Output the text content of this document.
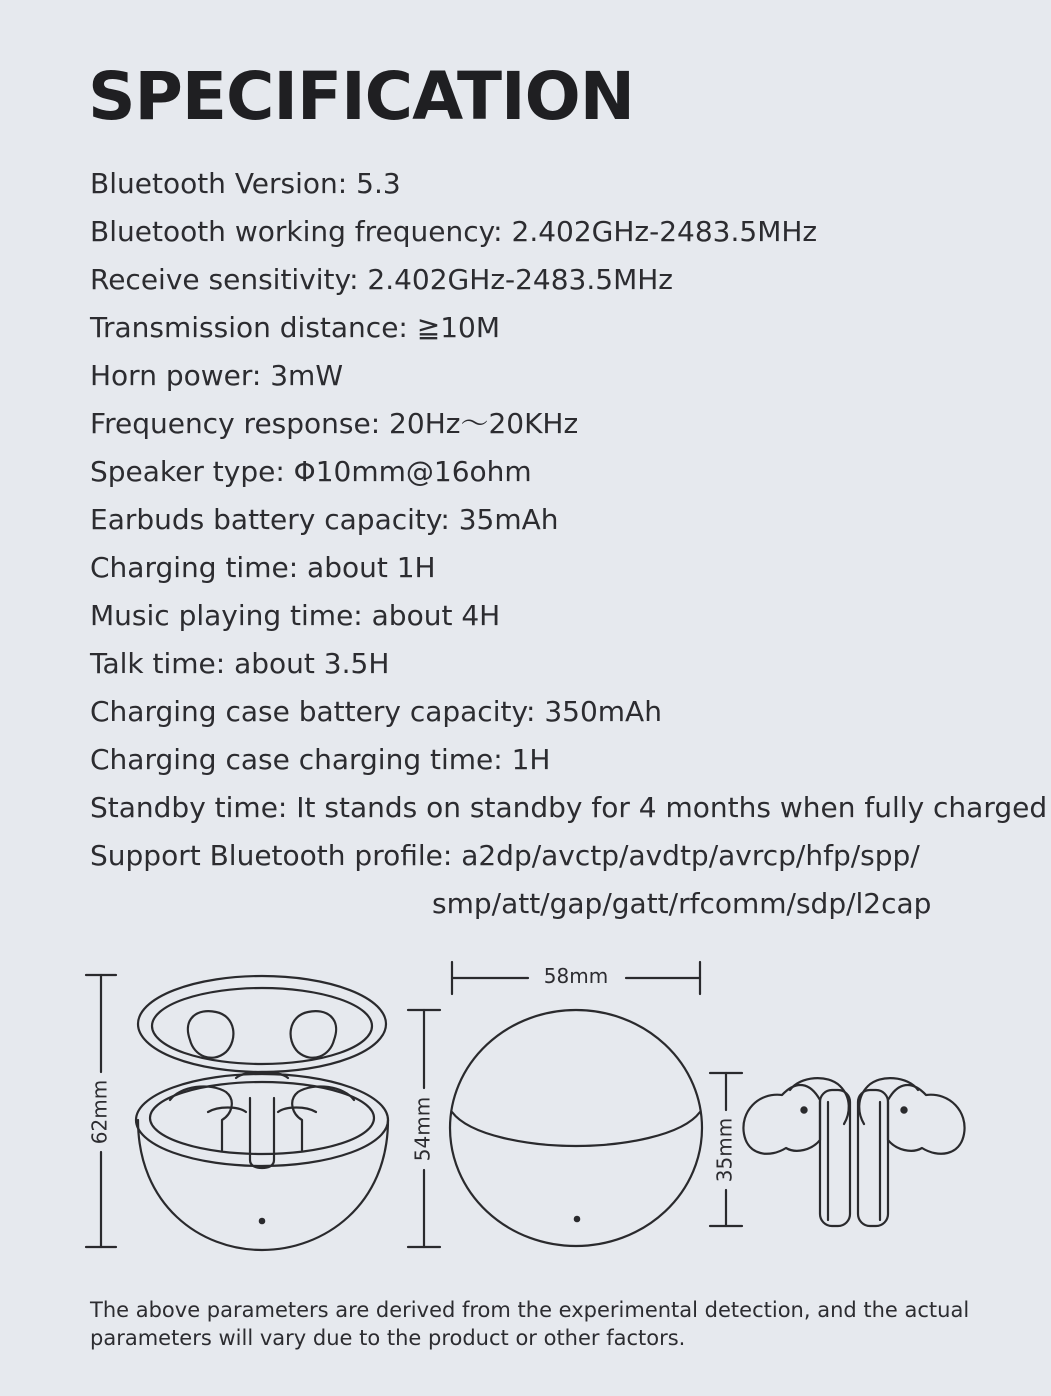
SPECIFICATION
Bluetooth Version: 5.3
Bluetooth working frequency: 2.402GHz-2483.5MHz
Receive sensitivity: 2.402GHz-2483.5MHz
Transmission distance: ≧10M
Horn power: 3mW
Frequency response: 20Hz〜20KHz
Speaker type: Φ10mm@16ohm
Earbuds battery capacity: 35mAh
Charging time: about 1H
Music playing time: about 4H
Talk time: about 3.5H
Charging case battery capacity: 350mAh
Charging case charging time: 1H
Standby time: It stands on standby for 4 months when fully charged
Support Bluetooth profile: a2dp/avctp/avdtp/avrcp/hfp/spp/
smp/att/gap/gatt/rfcomm/sdp/l2cap
62mm	54mm
58mm
35mm

The above parameters are derived from the experimental detection, and the actual parameters will vary due to the product or other factors.
